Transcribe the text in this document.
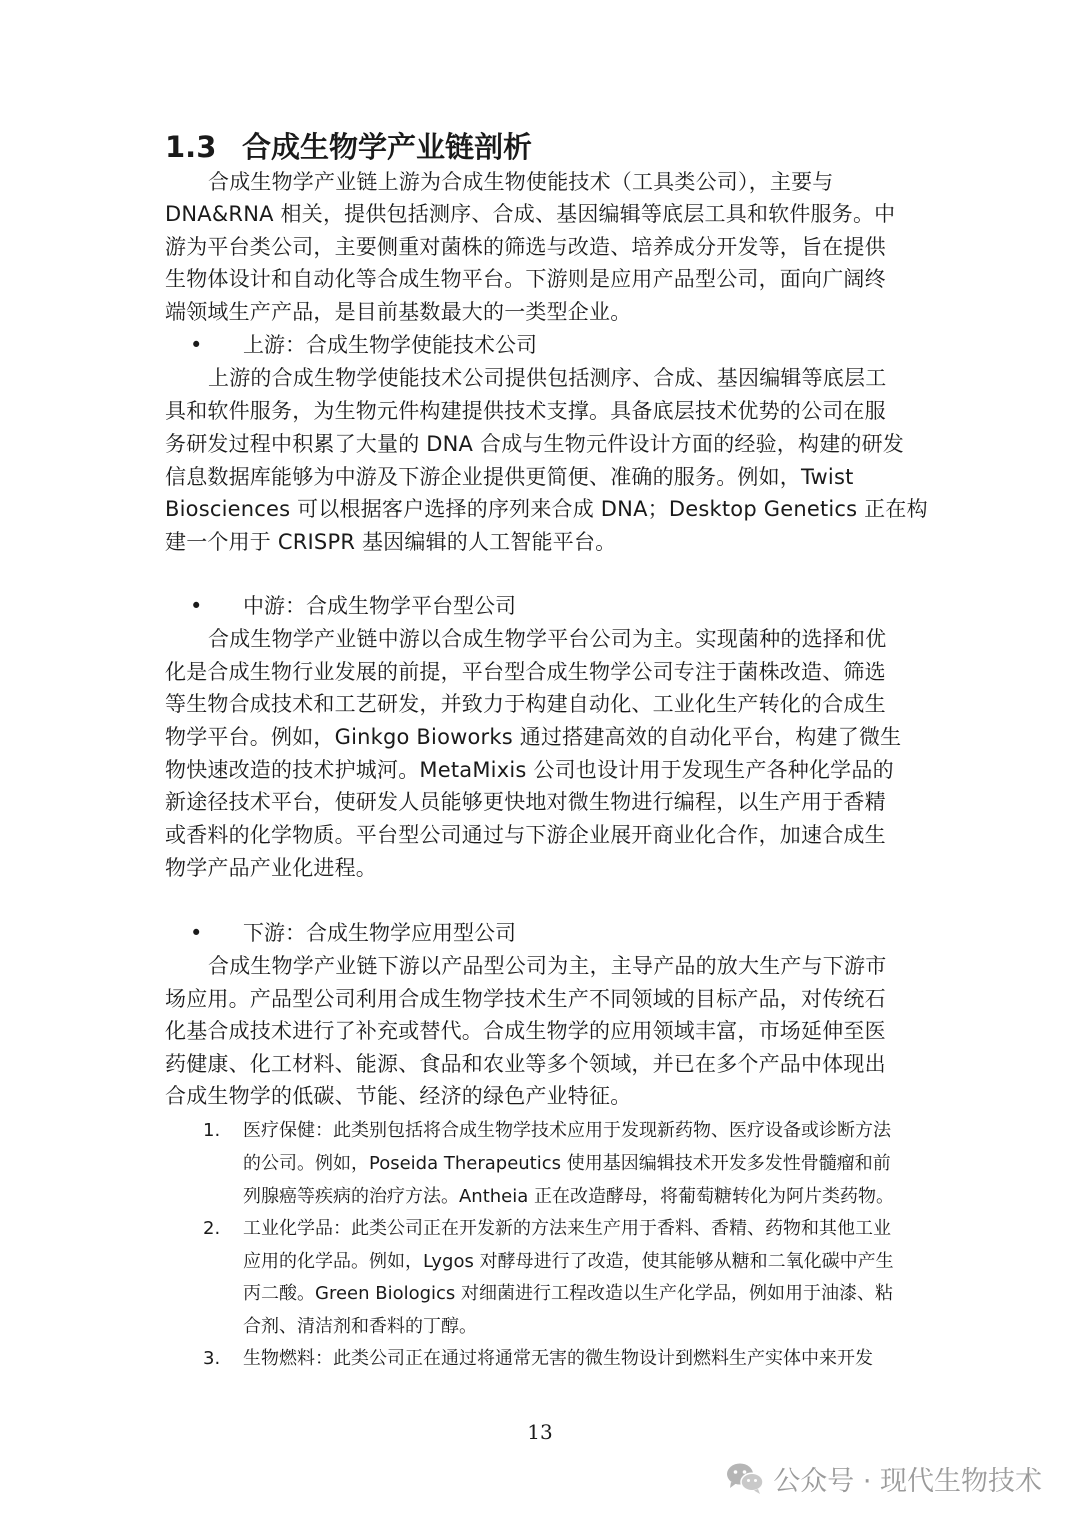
1.3 合成生物学产业链剖析
合成生物学产业链上游为合成生物使能技术（工具类公司），主要与
DNA&RNA 相关，提供包括测序、合成、基因编辑等底层工具和软件服务。中
游为平台类公司，主要侧重对菌株的筛选与改造、培养成分开发等，旨在提供
生物体设计和自动化等合成生物平台。下游则是应用产品型公司，面向广阔终
端领域生产产品，是目前基数最大的一类型企业。
• 上游：合成生物学使能技术公司
上游的合成生物学使能技术公司提供包括测序、合成、基因编辑等底层工
具和软件服务，为生物元件构建提供技术支撑。具备底层技术优势的公司在服
务研发过程中积累了大量的 DNA 合成与生物元件设计方面的经验，构建的研发
信息数据库能够为中游及下游企业提供更简便、准确的服务。例如，Twist
Biosciences 可以根据客户选择的序列来合成 DNA；Desktop Genetics 正在构
建一个用于 CRISPR 基因编辑的人工智能平台。
• 中游：合成生物学平台型公司
合成生物学产业链中游以合成生物学平台公司为主。实现菌种的选择和优
化是合成生物行业发展的前提，平台型合成生物学公司专注于菌株改造、筛选
等生物合成技术和工艺研发，并致力于构建自动化、工业化生产转化的合成生
物学平台。例如，Ginkgo Bioworks 通过搭建高效的自动化平台，构建了微生
物快速改造的技术护城河。MetaMixis 公司也设计用于发现生产各种化学品的
新途径技术平台，使研发人员能够更快地对微生物进行编程，以生产用于香精
或香料的化学物质。平台型公司通过与下游企业展开商业化合作，加速合成生
物学产品产业化进程。
• 下游：合成生物学应用型公司
合成生物学产业链下游以产品型公司为主，主导产品的放大生产与下游市
场应用。产品型公司利用合成生物学技术生产不同领域的目标产品，对传统石
化基合成技术进行了补充或替代。合成生物学的应用领域丰富，市场延伸至医
药健康、化工材料、能源、食品和农业等多个领域，并已在多个产品中体现出
合成生物学的低碳、节能、经济的绿色产业特征。
1. 医疗保健：此类别包括将合成生物学技术应用于发现新药物、医疗设备或诊断方法
的公司。例如，Poseida Therapeutics 使用基因编辑技术开发多发性骨髓瘤和前
列腺癌等疾病的治疗方法。Antheia 正在改造酵母，将葡萄糖转化为阿片类药物。
2. 工业化学品：此类公司正在开发新的方法来生产用于香料、香精、药物和其他工业
应用的化学品。例如，Lygos 对酵母进行了改造，使其能够从糖和二氧化碳中产生
丙二酸。Green Biologics 对细菌进行工程改造以生产化学品，例如用于油漆、粘
合剂、清洁剂和香料的丁醇。
3. 生物燃料：此类公司正在通过将通常无害的微生物设计到燃料生产实体中来开发
13
公众号 · 现代生物技术
